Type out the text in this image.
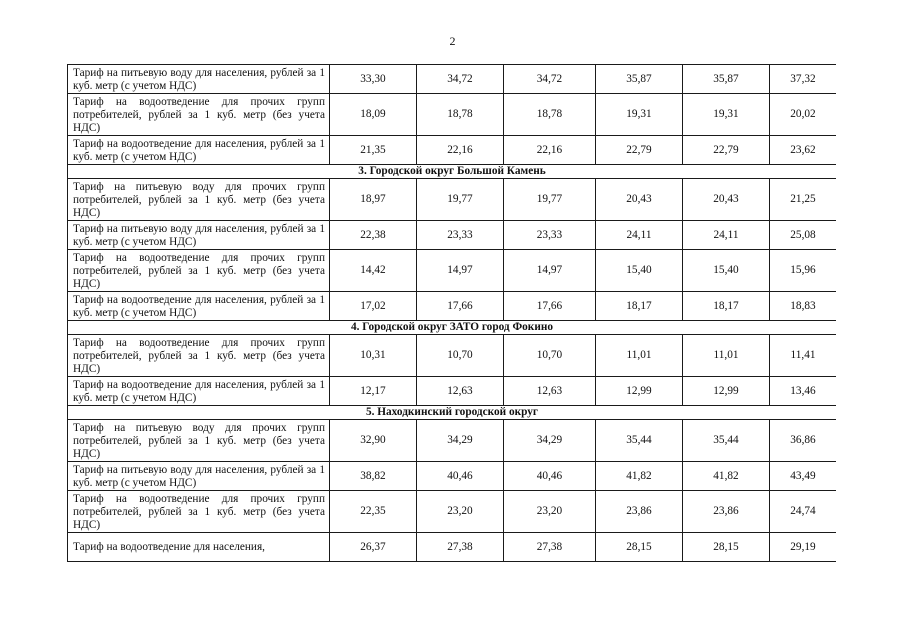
2
Тариф на питьевую воду для населения, рублей за 1 куб. метр (с учетом НДС)	33,30	34,72	34,72	35,87	35,87	37,32
Тариф на водоотведение для прочих групп потребителей, рублей за 1 куб. метр (без учета НДС)	18,09	18,78	18,78	19,31	19,31	20,02
Тариф на водоотведение для населения, рублей за 1 куб. метр (с учетом НДС)	21,35	22,16	22,16	22,79	22,79	23,62
3. Городской округ Большой Камень						
Тариф на питьевую воду для прочих групп потребителей, рублей за 1 куб. метр (без учета НДС)	18,97	19,77	19,77	20,43	20,43	21,25
Тариф на питьевую воду для населения, рублей за 1 куб. метр (с учетом НДС)	22,38	23,33	23,33	24,11	24,11	25,08
Тариф на водоотведение для прочих групп потребителей, рублей за 1 куб. метр (без учета НДС)	14,42	14,97	14,97	15,40	15,40	15,96
Тариф на водоотведение для населения, рублей за 1 куб. метр (с учетом НДС)	17,02	17,66	17,66	18,17	18,17	18,83
4. Городской округ ЗАТО город Фокино						
Тариф на водоотведение для прочих групп потребителей, рублей за 1 куб. метр (без учета НДС)	10,31	10,70	10,70	11,01	11,01	11,41
Тариф на водоотведение для населения, рублей за 1 куб. метр (с учетом НДС)	12,17	12,63	12,63	12,99	12,99	13,46
5. Находкинский городской округ						
Тариф на питьевую воду для прочих групп потребителей, рублей за 1 куб. метр (без учета НДС)	32,90	34,29	34,29	35,44	35,44	36,86
Тариф на питьевую воду для населения, рублей за 1 куб. метр (с учетом НДС)	38,82	40,46	40,46	41,82	41,82	43,49
Тариф на водоотведение для прочих групп потребителей, рублей за 1 куб. метр (без учета НДС)	22,35	23,20	23,20	23,86	23,86	24,74
Тариф на водоотведение для населения,	26,37	27,38	27,38	28,15	28,15	29,19
